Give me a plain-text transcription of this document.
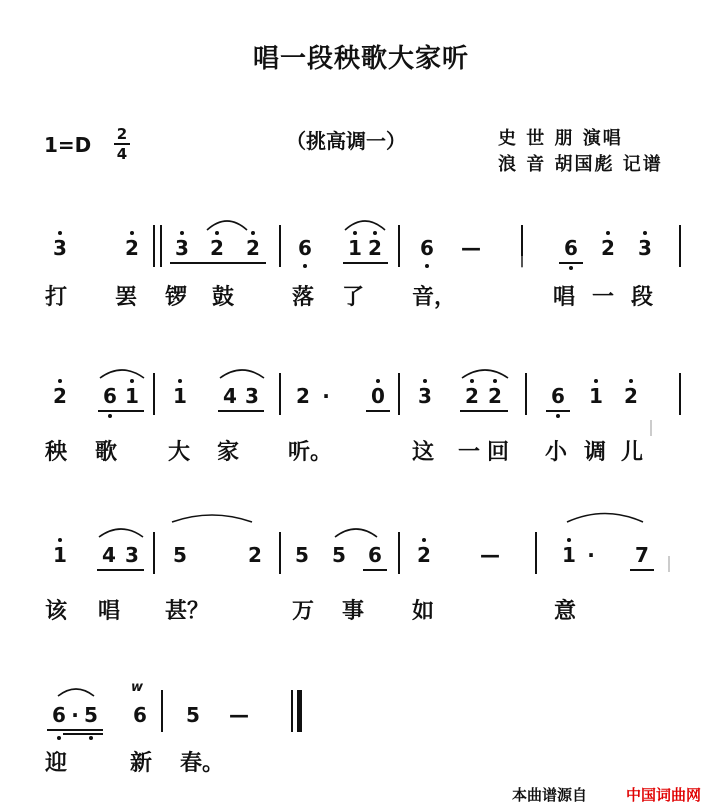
唱一段秧歌大家听
1=D 2
4
（挑高调一）	史 世 朋 演唱
浪 音 胡国彪 记谱
3	2 3 2 2 6 1 2 6 —	6 2 3
2 6 1 1 4 3 2 ·	0 3 2 2 6 1 2
1 4 3 5	2 5 5 6 2 —	1 ·	7
6 · 5 6 5 —
w
打 罢 锣 鼓	落 了 音，	唱 一 段
秧 歌 大 家 听。	这 一 回 小 调 儿
该 唱 甚？	万 事 如	意
迎	新 春。
本曲谱源自	中国词曲网
